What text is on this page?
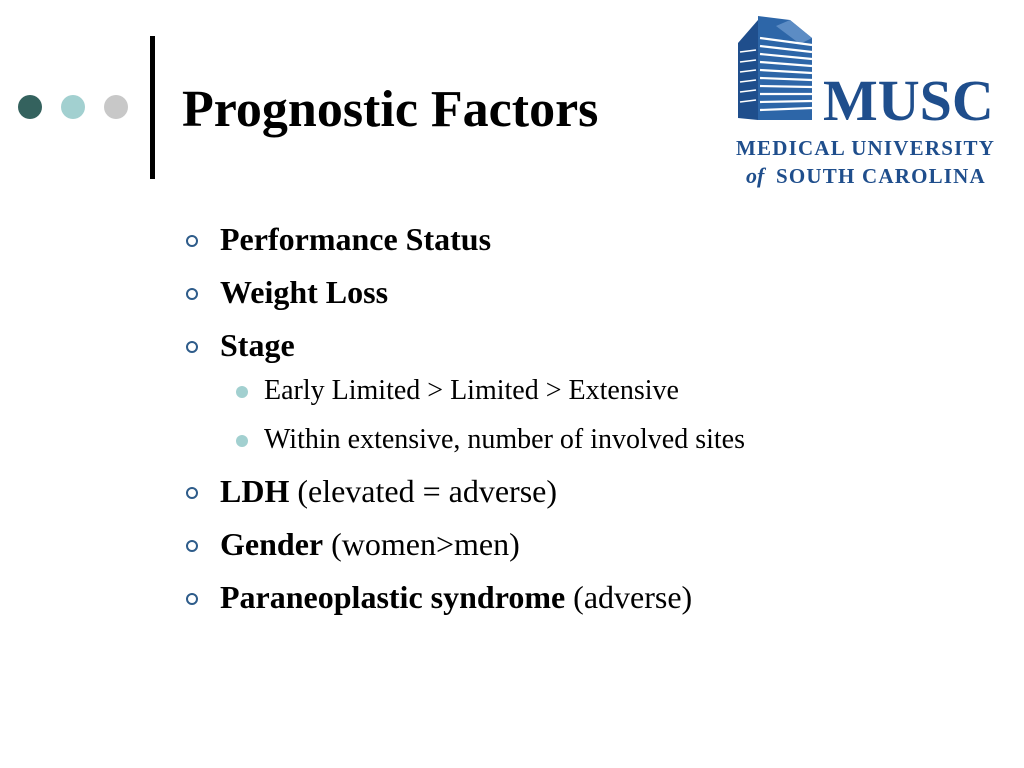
Prognostic Factors	MUSC
MEDICAL UNIVERSITY
of SOUTH CAROLINA
Performance Status
Weight Loss
Stage
Early Limited > Limited > Extensive
Within extensive, number of involved sites
LDH (elevated = adverse)
Gender (women>men)
Paraneoplastic syndrome (adverse)
